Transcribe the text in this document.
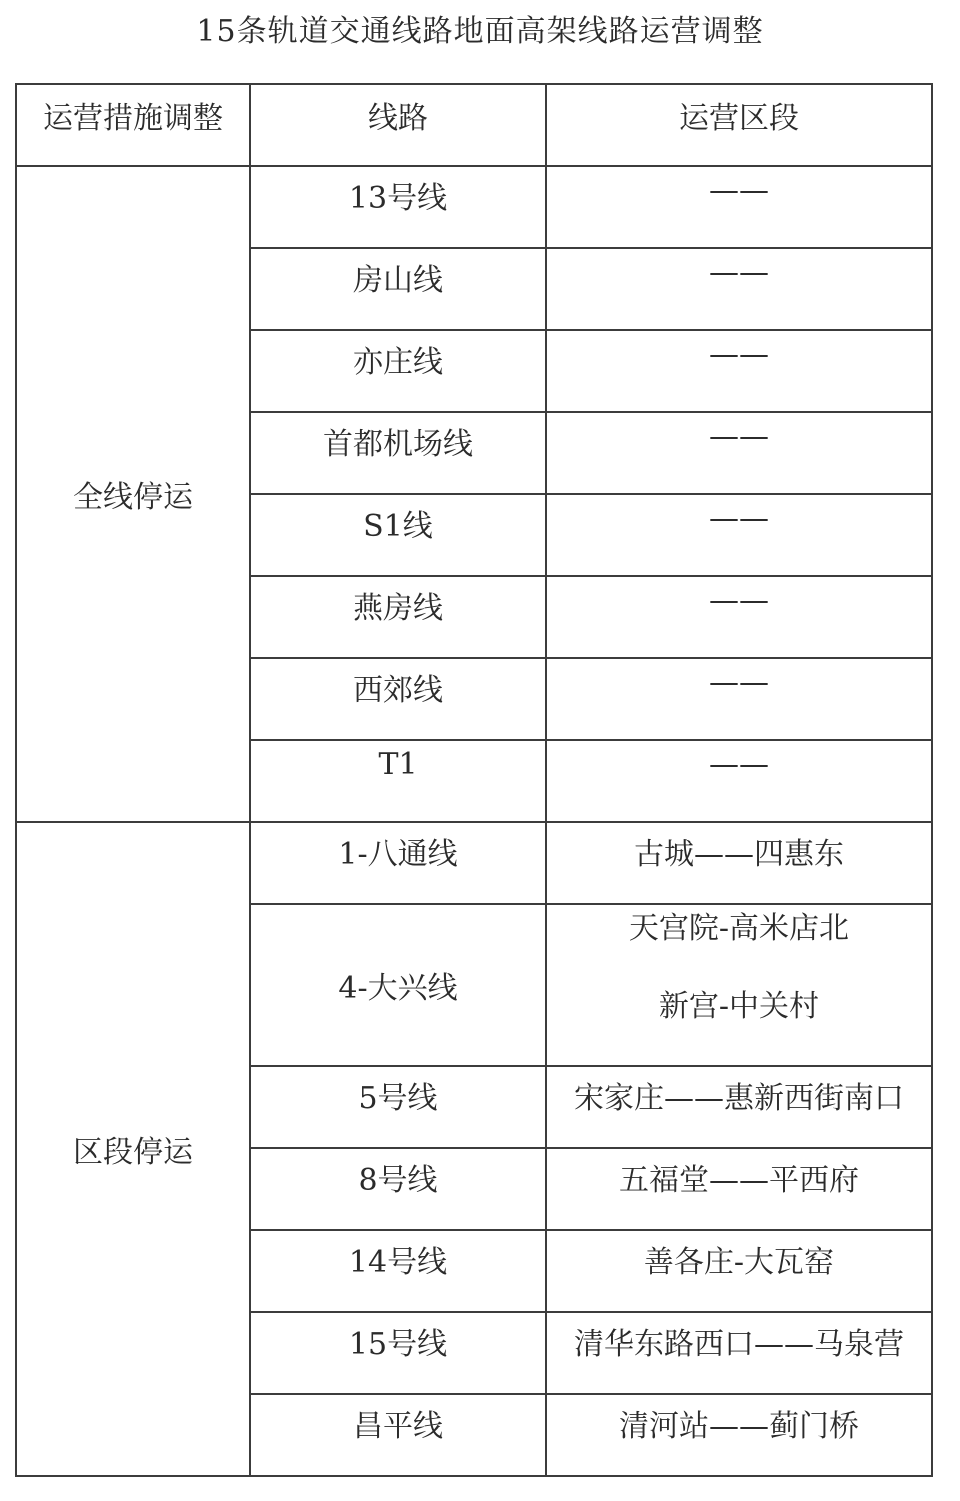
15条轨道交通线路地面高架线路运营调整
运营措施调整	线路	运营区段
全线停运	13号线	——
	房山线	——
	亦庄线	——
	首都机场线	——
	S1线	——
	燕房线	——
	西郊线	——
	T1	——
区段停运	1-八通线	古城——四惠东
	4-大兴线	天宫院-高米店北
新宫-中关村

	5号线	宋家庄——惠新西街南口
	8号线	五福堂——平西府
	14号线	善各庄-大瓦窑
	15号线	清华东路西口——马泉营
	昌平线	清河站——蓟门桥
